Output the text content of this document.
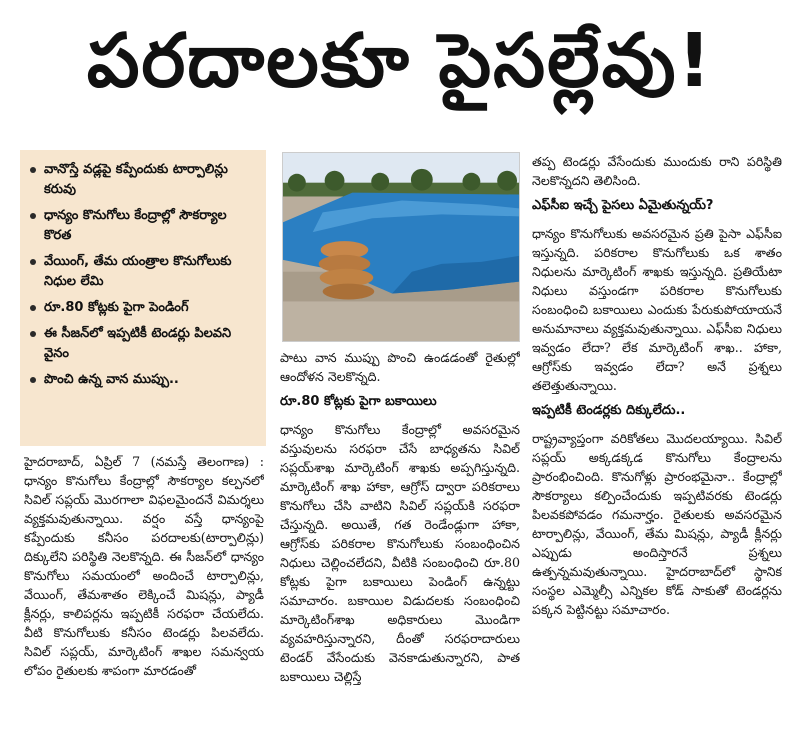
పరదాలకూ పైసల్లేవు!
వానొస్తే వడ్లపై కప్పేందుకు టార్పాలిన్లు కరువు
ధాన్యం కొనుగోలు కేంద్రాల్లో సౌకర్యాల కొరత
వేయింగ్, తేమ యంత్రాల కొనుగోలుకు నిధుల లేమి
రూ.80 కోట్లకు పైగా పెండింగ్
ఈ సీజన్‌లో ఇప్పటికీ టెండర్లు పిలవని వైనం
పొంచి ఉన్న వాన ముప్పు..

హైదరాబాద్, ఏప్రిల్ 7 (నమస్తే తెలంగాణ) : ధాన్యం కొనుగోలు కేంద్రాల్లో సౌకర్యాల కల్పనలో సివిల్ సప్లయ్ మొరగాలా విఫలమైందనే విమర్శలు వ్యక్తమవుతున్నాయి. వర్షం వస్తే ధాన్యంపై కప్పేందుకు కనీసం పరదాలకు(టార్పాలిన్లు) దిక్కులేని పరిస్థితి నెలకొన్నది. ఈ సీజన్‌లో ధాన్యం కొనుగోలు సమయంలో అందించే టార్పాలిన్లు, వేయింగ్, తేమశాతం లెక్కించే మిషన్లు, ప్యాడీ క్లీనర్లు, కాలిపర్లను ఇప్పటికీ సరఫరా చేయలేదు. వీటి కొనుగోలుకు కనీసం టెండర్లు పిలవలేదు. సివిల్ సప్లయ్, మార్కెటింగ్ శాఖల సమన్వయ లోపం రైతులకు శాపంగా మారడంతో

పాటు వాన ముప్పు పొంచి ఉండడంతో రైతుల్లో ఆందోళన నెలకొన్నది.

రూ.80 కోట్లకు పైగా బకాయిలు

ధాన్యం కొనుగోలు కేంద్రాల్లో అవసరమైన వస్తువులను సరఫరా చేసే బాధ్యతను సివిల్ సప్లయ్‌శాఖ మార్కెటింగ్ శాఖకు అప్పగిస్తున్నది. మార్కెటింగ్ శాఖ హాకా, ఆగ్రోస్ ద్వారా పరికరాలు కొనుగోలు చేసి వాటిని సివిల్ సప్లయ్‌కి సరఫరా చేస్తున్నది. అయితే, గత రెండేండ్లుగా హాకా, ఆగ్రోస్‌కు పరికరాల కొనుగోలుకు సంబంధించిన నిధులు చెల్లించలేదని, వీటికి సంబంధించి రూ.80 కోట్లకు పైగా బకాయిలు పెండింగ్ ఉన్నట్టు సమాచారం. బకాయిల విడుదలకు సంబంధించి మార్కెటింగ్‌శాఖ అధికారులు మొండిగా వ్యవహరిస్తున్నారని, దీంతో సరఫరాదారులు టెండర్ వేసేందుకు వెనకాడుతున్నారని, పాత బకాయిలు చెల్లిస్తే

తప్ప టెండర్లు వేసేందుకు ముందుకు రాని పరిస్థితి నెలకొన్నదని తెలిసింది.

ఎఫ్‌సీఐ ఇచ్చే పైసలు ఏమైతున్నయ్?

ధాన్యం కొనుగోలుకు అవసరమైన ప్రతి పైసా ఎఫ్‌సీఐ ఇస్తున్నది. పరికరాల కొనుగోలుకు ఒక శాతం నిధులను మార్కెటింగ్ శాఖకు ఇస్తున్నది. ప్రతియేటా నిధులు వస్తుండగా పరికరాల కొనుగోలుకు సంబంధించి బకాయిలు ఎందుకు పేరుకుపోయాయనే అనుమానాలు వ్యక్తమవుతున్నాయి. ఎఫ్‌సీఐ నిధులు ఇవ్వడం లేదా? లేక మార్కెటింగ్ శాఖ.. హాకా, ఆగ్రోస్‌కు ఇవ్వడం లేదా? అనే ప్రశ్నలు తలెత్తుతున్నాయి.

ఇప్పటికీ టెండర్లకు దిక్కులేదు..

రాష్ట్రవ్యాప్తంగా వరికోతలు మొదలయ్యాయి. సివిల్ సప్లయ్ అక్కడక్కడ కొనుగోలు కేంద్రాలను ప్రారంభించింది. కొనుగోళ్లు ప్రారంభమైనా.. కేంద్రాల్లో సౌకర్యాలు కల్పించేందుకు ఇప్పటివరకు టెండర్లు పిలవకపోవడం గమనార్హం. రైతులకు అవసరమైన టార్పాలిన్లు, వేయింగ్, తేమ మిషన్లు, ప్యాడీ క్లీనర్లు ఎప్పుడు అందిస్తారనే ప్రశ్నలు ఉత్పన్నమవుతున్నాయి. హైదరాబాద్‌లో స్థానిక సంస్థల ఎమ్మెల్సీ ఎన్నికల కోడ్ సాకుతో టెండర్లను పక్కన పెట్టినట్టు సమాచారం.
